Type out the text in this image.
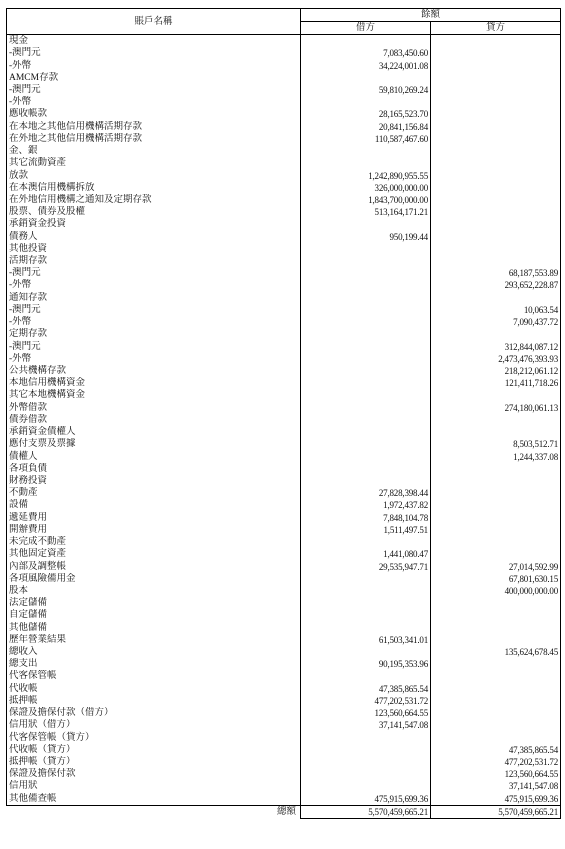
賬戶名稱	餘額	
	借方	貸方
現金		
-澳門元	7,083,450.60	
-外幣	34,224,001.08	
AMCM存款		
-澳門元	59,810,269.24	
-外幣		
應收帳款	28,165,523.70	
在本地之其他信用機構活期存款	20,841,156.84	
在外地之其他信用機構活期存款	110,587,467.60	
金、銀		
其它流動資產		
放款	1,242,890,955.55	
在本澳信用機構拆放	326,000,000.00	
在外地信用機構之通知及定期存款	1,843,700,000.00	
股票、債券及股權	513,164,171.21	
承銷資金投資		
債務人	950,199.44	
其他投資		
活期存款		
-澳門元		68,187,553.89
-外幣		293,652,228.87
通知存款		
-澳門元		10,063.54
-外幣		7,090,437.72
定期存款		
-澳門元		312,844,087.12
-外幣		2,473,476,393.93
公共機構存款		218,212,061.12
本地信用機構資金		121,411,718.26
其它本地機構資金		
外幣借款		274,180,061.13
債券借款		
承銷資金債權人		
應付支票及票據		8,503,512.71
債權人		1,244,337.08
各項負債		
財務投資		
不動產	27,828,398.44	
設備	1,972,437.82	
遞延費用	7,848,104.78	
開辦費用	1,511,497.51	
未完成不動產		
其他固定資產	1,441,080.47	
內部及調整帳	29,535,947.71	27,014,592.99
各項風險備用金		67,801,630.15
股本		400,000,000.00
法定儲備		
自定儲備		
其他儲備		
歷年營業結果	61,503,341.01	
總收入		135,624,678.45
總支出	90,195,353.96	
代客保管帳		
代收帳	47,385,865.54	
抵押帳	477,202,531.72	
保證及擔保付款（借方）	123,560,664.55	
信用狀（借方）	37,141,547.08	
代客保管帳（貸方）		
代收帳（貸方）		47,385,865.54
抵押帳（貸方）		477,202,531.72
保證及擔保付款		123,560,664.55
信用狀		37,141,547.08
其他備查帳	475,915,699.36	475,915,699.36
總額	5,570,459,665.21	5,570,459,665.21
